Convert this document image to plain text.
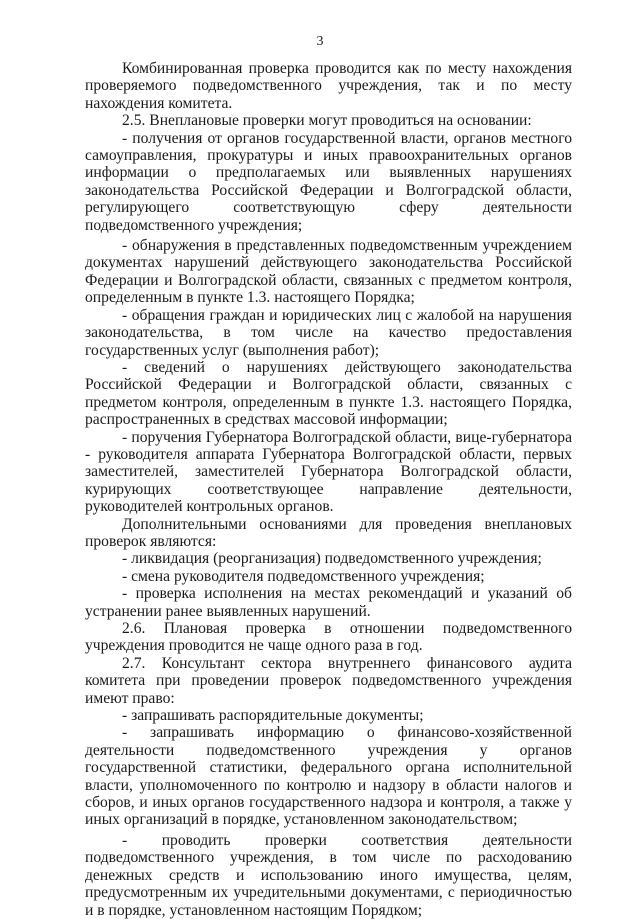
3

Комбинированная проверка проводится как по месту нахождения проверяемого подведомственного учреждения, так и по месту нахождения комитета.

2.5. Внеплановые проверки могут проводиться на основании:

- получения от органов государственной власти, органов местного самоуправления, прокуратуры и иных правоохранительных органов информации о предполагаемых или выявленных нарушениях законодательства Российской Федерации и Волгоградской области, регулирующего соответствующую сферу деятельности подведомственного учреждения;

- обнаружения в представленных подведомственным учреждением документах нарушений действующего законодательства Российской Федерации и Волгоградской области, связанных с предметом контроля, определенным в пункте 1.3. настоящего Порядка;

- обращения граждан и юридических лиц с жалобой на нарушения законодательства, в том числе на качество предоставления государственных услуг (выполнения работ);

- сведений о нарушениях действующего законодательства Российской Федерации и Волгоградской области, связанных с предметом контроля, определенным в пункте 1.3. настоящего Порядка, распространенных в средствах массовой информации;

- поручения Губернатора Волгоградской области, вице-губернатора - руководителя аппарата Губернатора Волгоградской области, первых заместителей, заместителей Губернатора Волгоградской области, курирующих соответствующее направление деятельности, руководителей контрольных органов.

Дополнительными основаниями для проведения внеплановых проверок являются:

- ликвидация (реорганизация) подведомственного учреждения;

- смена руководителя подведомственного учреждения;

- проверка исполнения на местах рекомендаций и указаний об устранении ранее выявленных нарушений.

2.6. Плановая проверка в отношении подведомственного учреждения проводится не чаще одного раза в год.

2.7. Консультант сектора внутреннего финансового аудита комитета при проведении проверок подведомственного учреждения имеют право:

- запрашивать распорядительные документы;

- запрашивать информацию о финансово-хозяйственной деятельности подведомственного учреждения у органов государственной статистики, федерального органа исполнительной власти, уполномоченного по контролю и надзору в области налогов и сборов, и иных органов государственного надзора и контроля, а также у иных организаций в порядке, установленном законодательством;

- проводить проверки соответствия деятельности подведомственного учреждения, в том числе по расходованию денежных средств и использованию иного имущества, целям, предусмотренным их учредительными документами, с периодичностью и в порядке, установленном настоящим Порядком;
